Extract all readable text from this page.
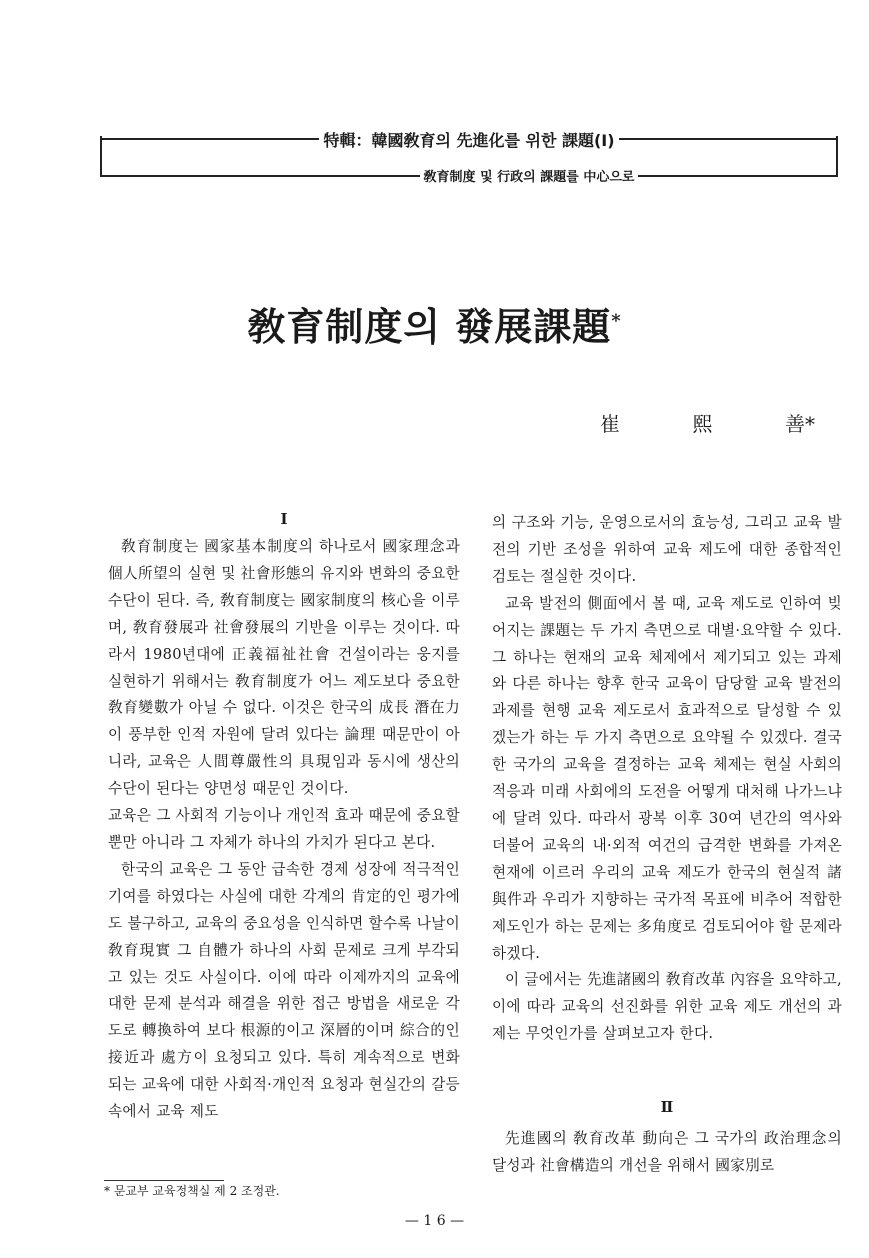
特輯：韓國敎育의 先進化를 위한 課題(Ⅰ)
敎育制度 및 行政의 課題를 中心으로
敎育制度의 發展課題*
崔	熙	善*
Ⅰ

敎育制度는 國家基本制度의 하나로서 國家理念과 個人所望의 실현 및 社會形態의 유지와 변화의 중요한 수단이 된다. 즉, 敎育制度는 國家制度의 核心을 이루며, 敎育發展과 社會發展의 기반을 이루는 것이다. 따라서 1980년대에 正義福祉社會 건설이라는 웅지를 실현하기 위해서는 敎育制度가 어느 제도보다 중요한 敎育變數가 아닐 수 없다. 이것은 한국의 成長 潛在力이 풍부한 인적 자원에 달려 있다는 論理 때문만이 아니라, 교육은 人間尊嚴性의 具現임과 동시에 생산의 수단이 된다는 양면성 때문인 것이다.

교육은 그 사회적 기능이나 개인적 효과 때문에 중요할 뿐만 아니라 그 자체가 하나의 가치가 된다고 본다.

한국의 교육은 그 동안 급속한 경제 성장에 적극적인 기여를 하였다는 사실에 대한 각계의 肯定的인 평가에도 불구하고, 교육의 중요성을 인식하면 할수록 나날이 敎育現實 그 自體가 하나의 사회 문제로 크게 부각되고 있는 것도 사실이다. 이에 따라 이제까지의 교육에 대한 문제 분석과 해결을 위한 접근 방법을 새로운 각도로 轉換하여 보다 根源的이고 深層的이며 綜合的인 接近과 處方이 요청되고 있다. 특히 계속적으로 변화되는 교육에 대한 사회적·개인적 요청과 현실간의 갈등 속에서 교육 제도

의 구조와 기능, 운영으로서의 효능성, 그리고 교육 발전의 기반 조성을 위하여 교육 제도에 대한 종합적인 검토는 절실한 것이다.

교육 발전의 側面에서 볼 때, 교육 제도로 인하여 빚어지는 課題는 두 가지 측면으로 대별·요약할 수 있다. 그 하나는 현재의 교육 체제에서 제기되고 있는 과제와 다른 하나는 향후 한국 교육이 담당할 교육 발전의 과제를 현행 교육 제도로서 효과적으로 달성할 수 있겠는가 하는 두 가지 측면으로 요약될 수 있겠다. 결국 한 국가의 교육을 결정하는 교육 체제는 현실 사회의 적응과 미래 사회에의 도전을 어떻게 대처해 나가느냐에 달려 있다. 따라서 광복 이후 30여 년간의 역사와 더불어 교육의 내·외적 여건의 급격한 변화를 가져온 현재에 이르러 우리의 교육 제도가 한국의 현실적 諸與件과 우리가 지향하는 국가적 목표에 비추어 적합한 제도인가 하는 문제는 多角度로 검토되어야 할 문제라 하겠다.

이 글에서는 先進諸國의 敎育改革 內容을 요약하고, 이에 따라 교육의 선진화를 위한 교육 제도 개선의 과제는 무엇인가를 살펴보고자 한다.

Ⅱ

先進國의 敎育改革 動向은 그 국가의 政治理念의 달성과 社會構造의 개선을 위해서 國家別로

* 문교부 교육정책실 제 2 조정관.
— 1 6 —
